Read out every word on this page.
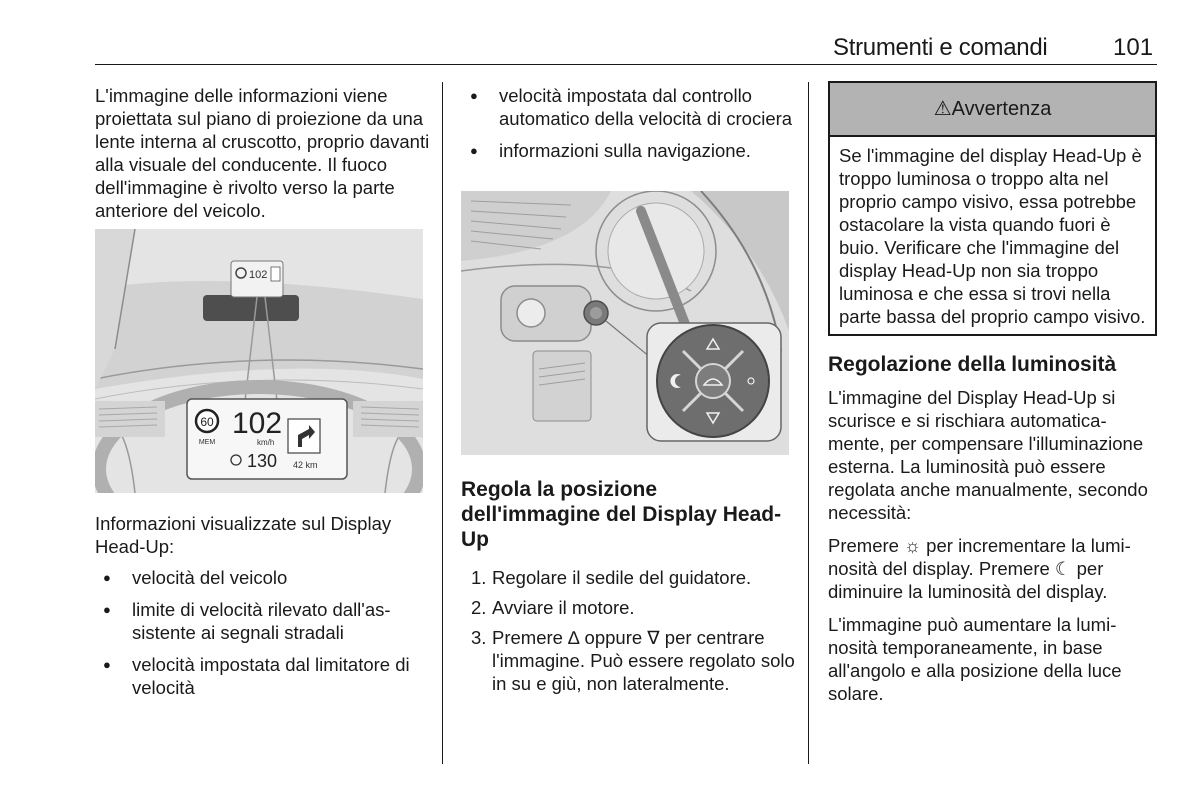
Strumenti e comandi	101

L'immagine delle informazioni viene proiettata sul piano di proiezione da una lente interna al cruscotto, proprio davanti alla visuale del conducente. Il fuoco dell'immagine è rivolto verso la parte anteriore del veicolo.

102
60
MEM
102
km/h
130 42 km

Informazioni visualizzate sul Display Head-Up:

● velocità del veicolo
● limite di velocità rilevato dall'assistente ai segnali stradali
● velocità impostata dal limitatore di velocità
● velocità impostata dal controllo automatico della velocità di crociera
● informazioni sulla navigazione.
Regola la posizione dell'immagine del Display Head-Up
1. Regolare il sedile del guidatore.
2. Avviare il motore.
3. Premere ∆ oppure ∇ per centrare l'immagine. Può essere regolato solo in su e giù, non lateralmente.
⚠ Avvertenza
Se l'immagine del display Head-Up è troppo luminosa o troppo alta nel proprio campo visivo, essa potrebbe ostacolare la vista quando fuori è buio. Verificare che l'immagine del display Head-Up non sia troppo luminosa e che essa si trovi nella parte bassa del proprio campo visivo.
Regolazione della luminosità

L'immagine del Display Head-Up si scurisce e si rischiara automaticamente, per compensare l'illuminazione esterna. La luminosità può essere regolata anche manualmente, secondo necessità:

Premere ☼ per incrementare la luminosità del display. Premere ☾ per diminuire la luminosità del display.

L'immagine può aumentare la luminosità temporaneamente, in base all'angolo e alla posizione della luce solare.
